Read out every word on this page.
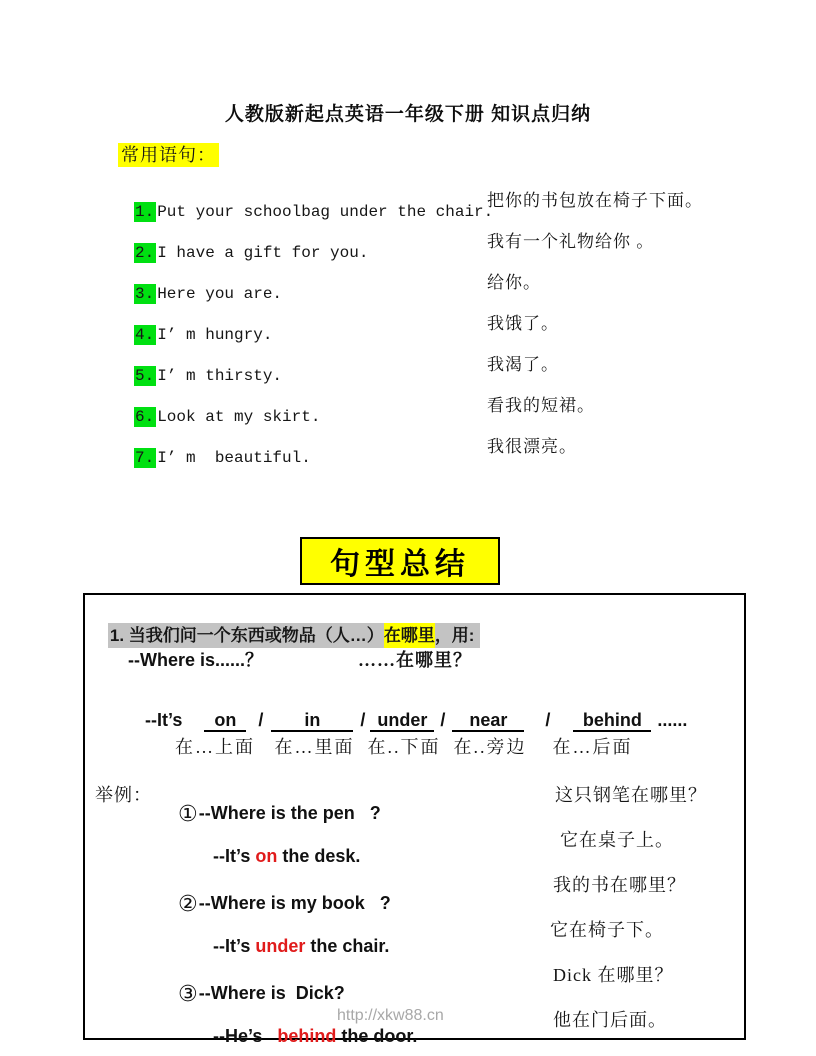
人教版新起点英语一年级下册 知识点归纳
常用语句：

1. Put your schoolbag under the chair.

把你的书包放在椅子下面。

2. I have a gift for you.

我有一个礼物给你 。

3. Here you are.

给你。

4. I’ m hungry.

我饿了。

5. I’ m thirsty.

我渴了。

6. Look at my skirt.

看我的短裙。

7. I’ m  beautiful.

我很漂亮。
句型总结

1. 当我们问一个东西或物品（人…）在哪里，用:

--Where is......？	……在哪里？

--It’s on / in / under / near / behind ......

在…上面   在…里面  在..下面  在..旁边    在…后面
举例：

①--Where is the pen   ?

这只钢笔在哪里？

--It’s on the desk.

它在桌子上。

②--Where is my book   ?

我的书在哪里？

--It’s under the chair.

它在椅子下。

③--Where is  Dick?

Dick 在哪里？
http://xkw88.cn

--He’s   behind the door.

他在门后面。
